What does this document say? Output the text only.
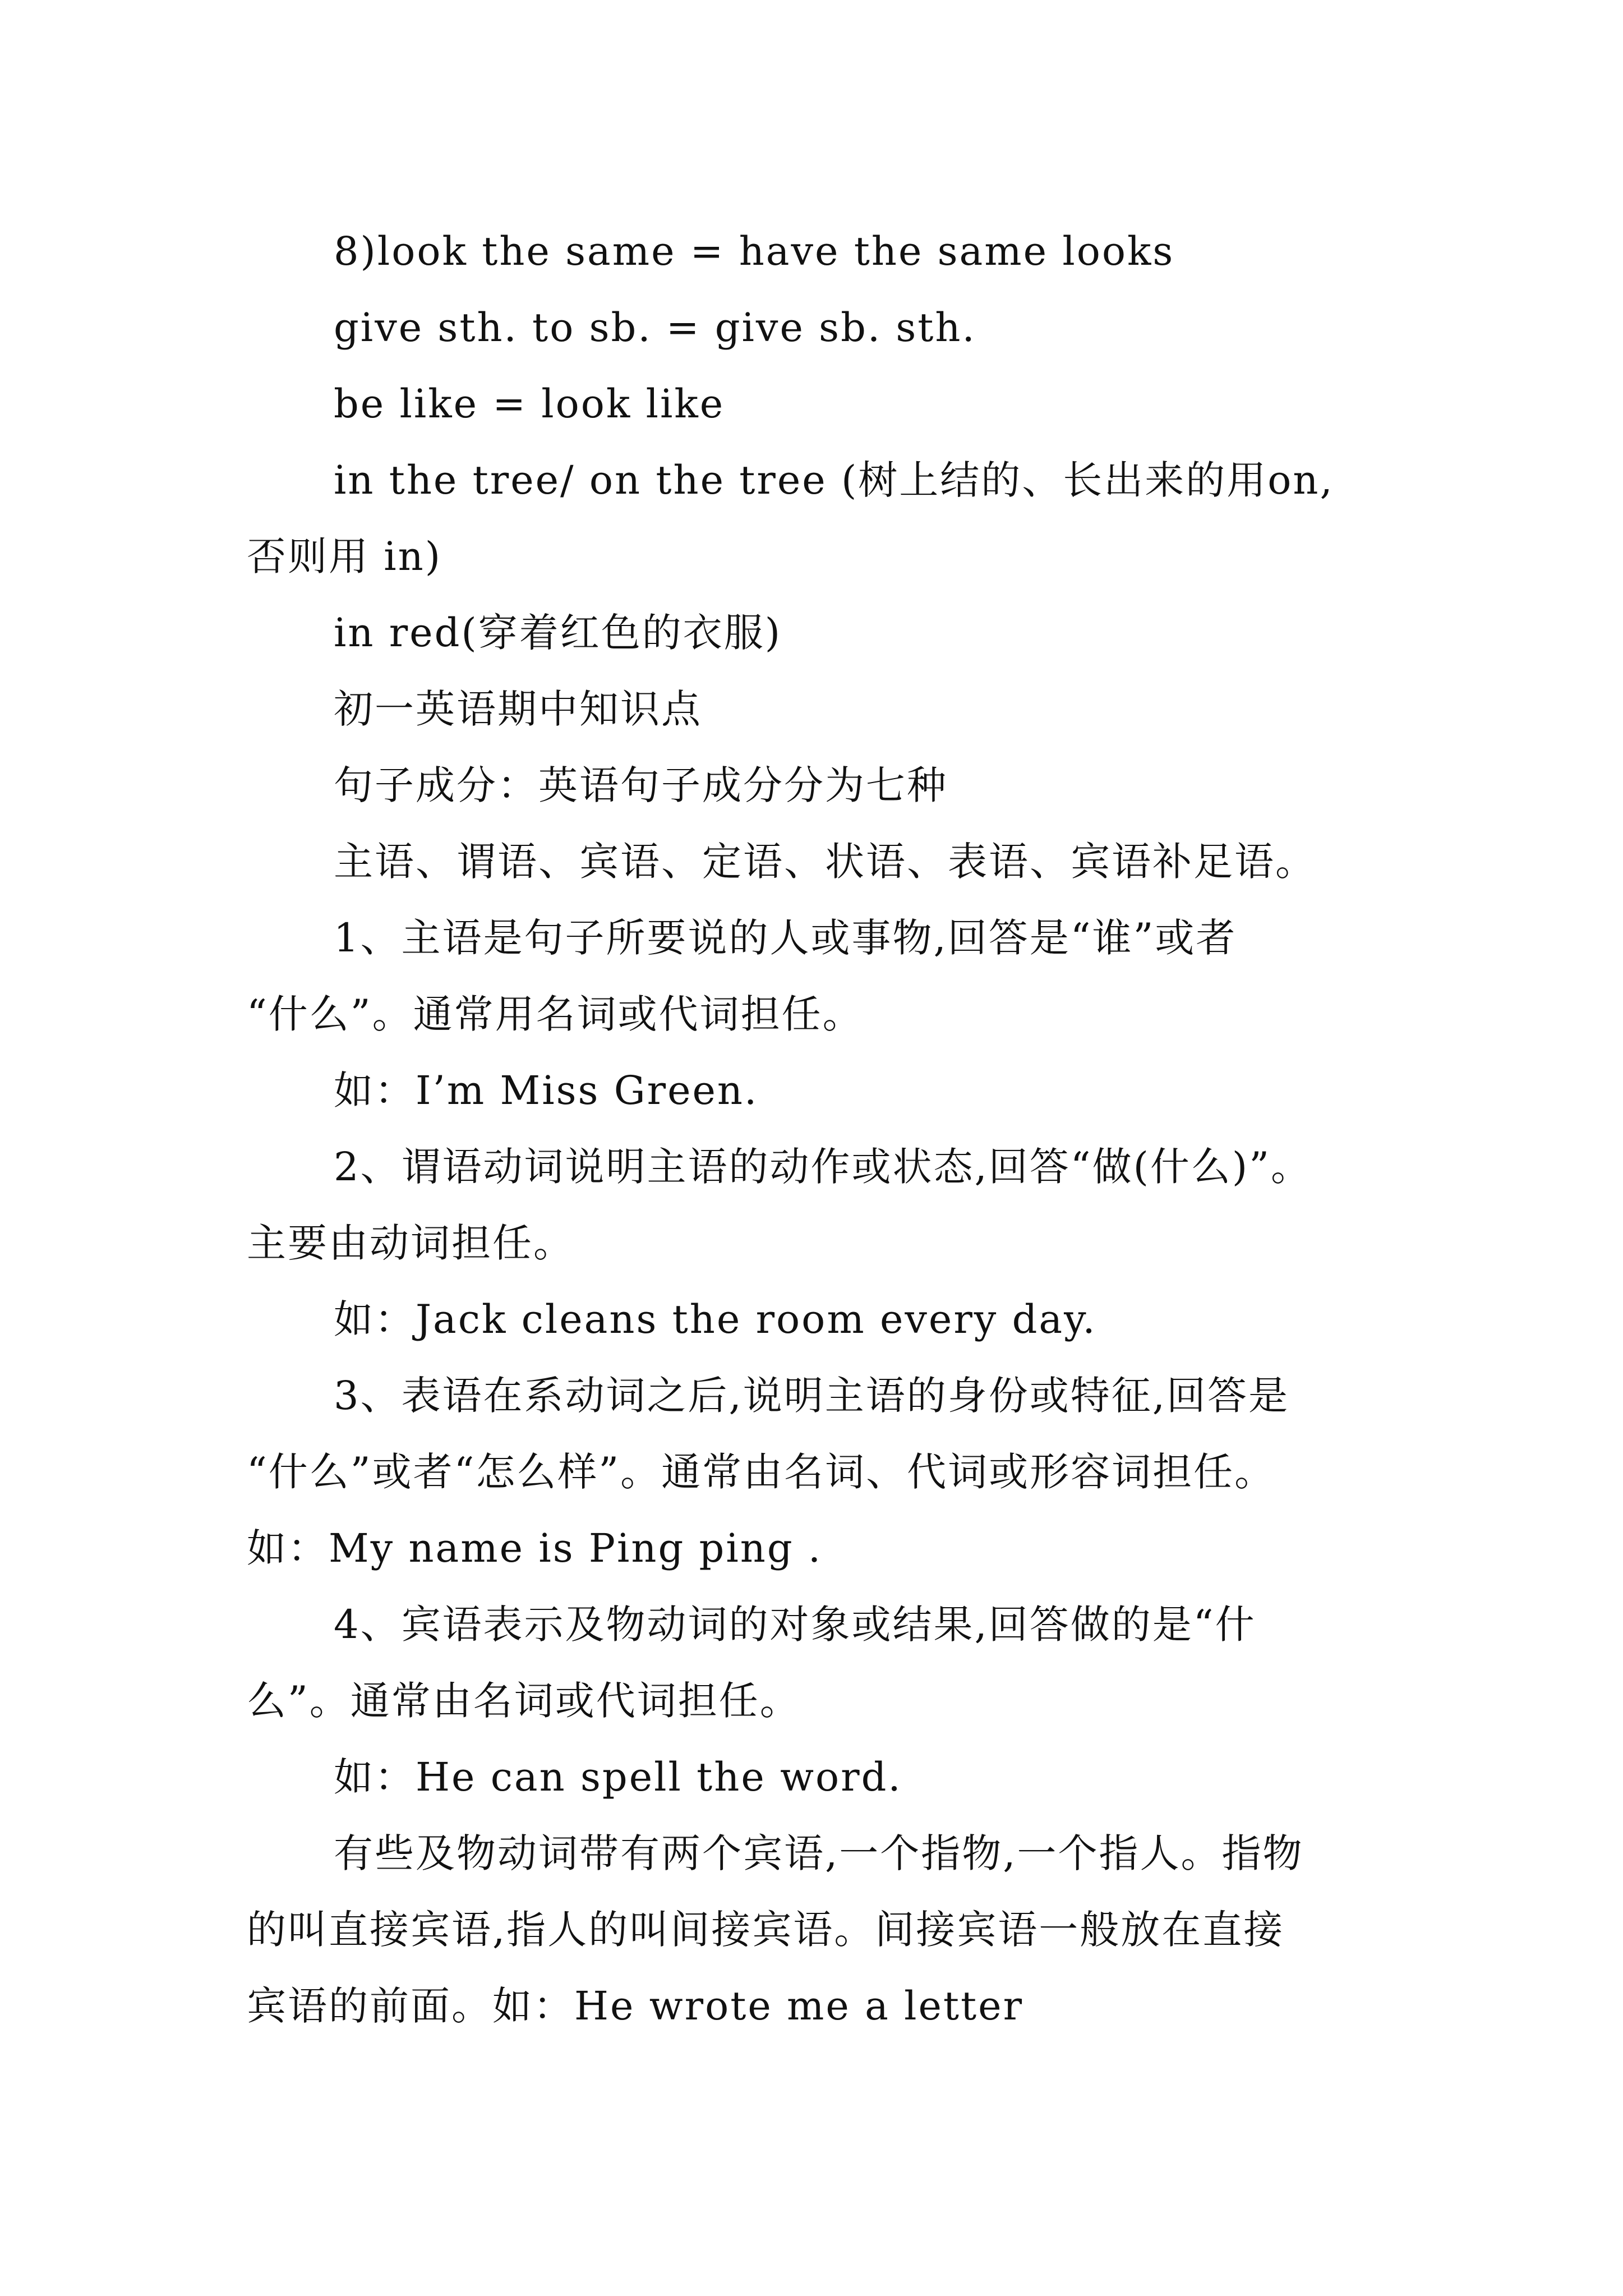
8)look the same = have the same looks
give sth. to sb. = give sb. sth.
be like = look like
in the tree/ on the tree (树上结的、长出来的用on,
否则用 in)
in red(穿着红色的衣服)
初一英语期中知识点
句子成分：英语句子成分分为七种
主语、谓语、宾语、定语、状语、表语、宾语补足语。
1、主语是句子所要说的人或事物,回答是“谁”或者
“什么”。通常用名词或代词担任。
如：I’m Miss Green.
2、谓语动词说明主语的动作或状态,回答“做(什么)”。
主要由动词担任。
如：Jack cleans the room every day.
3、表语在系动词之后,说明主语的身份或特征,回答是
“什么”或者“怎么样”。通常由名词、代词或形容词担任。
如：My name is Ping ping .
4、宾语表示及物动词的对象或结果,回答做的是“什
么”。通常由名词或代词担任。
如：He can spell the word.
有些及物动词带有两个宾语,一个指物,一个指人。指物
的叫直接宾语,指人的叫间接宾语。间接宾语一般放在直接
宾语的前面。如：He wrote me a letter
